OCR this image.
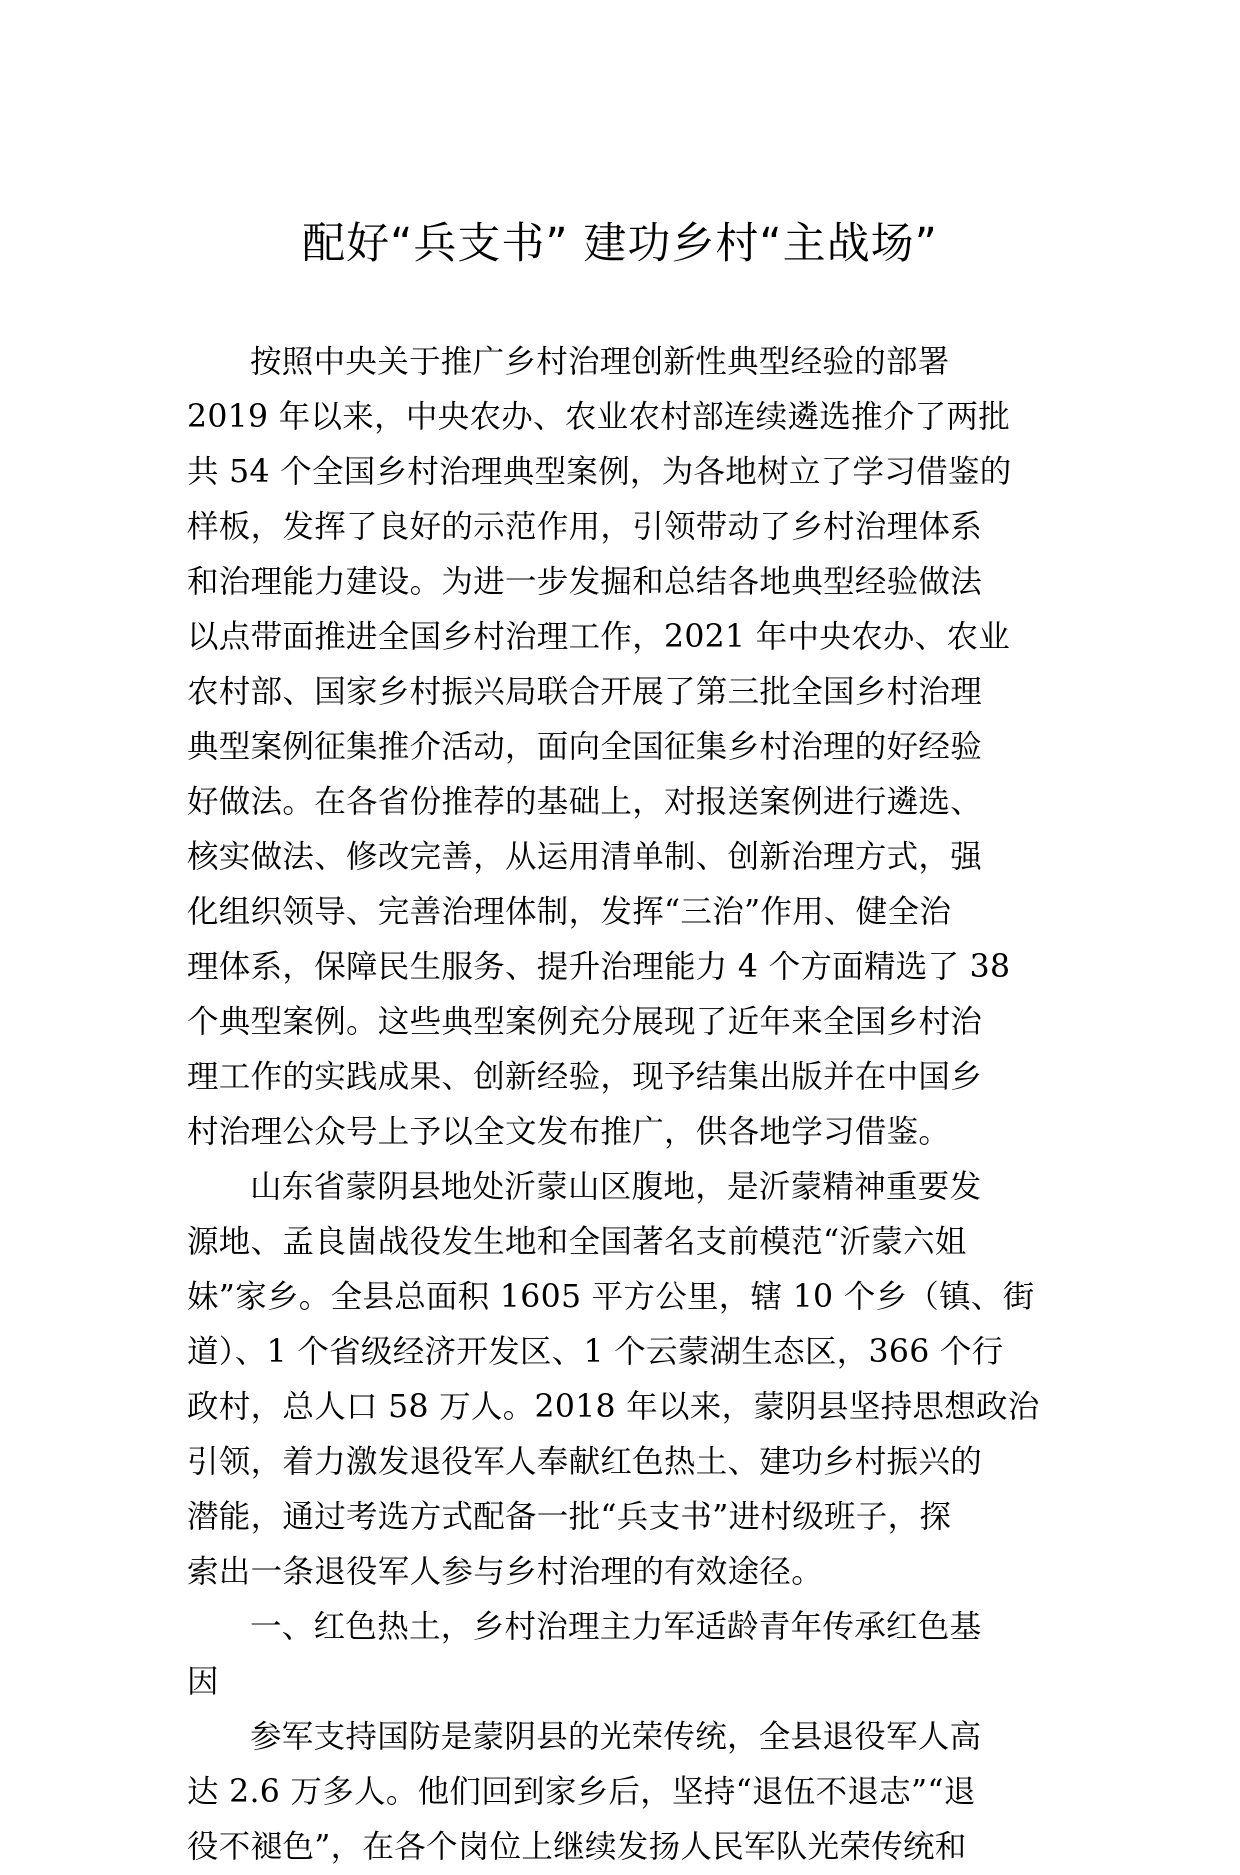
配好“兵支书” 建功乡村“主战场”
按照中央关于推广乡村治理创新性典型经验的部署
2019 年以来，中央农办、农业农村部连续遴选推介了两批
共 54 个全国乡村治理典型案例，为各地树立了学习借鉴的
样板，发挥了良好的示范作用，引领带动了乡村治理体系
和治理能力建设。为进一步发掘和总结各地典型经验做法
以点带面推进全国乡村治理工作，2021 年中央农办、农业
农村部、国家乡村振兴局联合开展了第三批全国乡村治理
典型案例征集推介活动，面向全国征集乡村治理的好经验
好做法。在各省份推荐的基础上，对报送案例进行遴选、
核实做法、修改完善，从运用清单制、创新治理方式，强
化组织领导、完善治理体制，发挥“三治”作用、健全治
理体系，保障民生服务、提升治理能力 4 个方面精选了 38
个典型案例。这些典型案例充分展现了近年来全国乡村治
理工作的实践成果、创新经验，现予结集出版并在中国乡
村治理公众号上予以全文发布推广，供各地学习借鉴。
山东省蒙阴县地处沂蒙山区腹地，是沂蒙精神重要发
源地、孟良崮战役发生地和全国著名支前模范“沂蒙六姐
妹”家乡。全县总面积 1605 平方公里，辖 10 个乡（镇、街
道）、1 个省级经济开发区、1 个云蒙湖生态区，366 个行
政村，总人口 58 万人。2018 年以来，蒙阴县坚持思想政治
引领，着力激发退役军人奉献红色热土、建功乡村振兴的
潜能，通过考选方式配备一批“兵支书”进村级班子，探
索出一条退役军人参与乡村治理的有效途径。
一、红色热土，乡村治理主力军适龄青年传承红色基
因
参军支持国防是蒙阴县的光荣传统，全县退役军人高
达 2.6 万多人。他们回到家乡后，坚持“退伍不退志”“退
役不褪色”，在各个岗位上继续发扬人民军队光荣传统和
